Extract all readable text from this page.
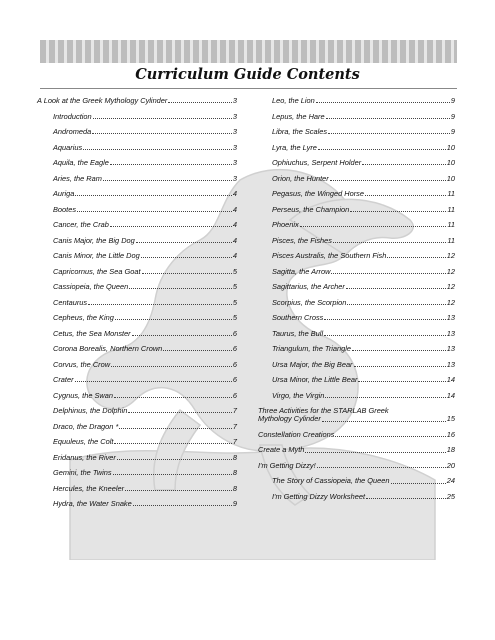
Curriculum Guide Contents
A Look at the Greek Mythology Cylinder	3
Introduction	3
Andromeda	3
Aquarius	3
Aquila, the Eagle	3
Aries, the Ram	3
Auriga	4
Bootes	4
Cancer, the Crab	4
Canis Major, the Big Dog	4
Canis Minor, the Little Dog	4
Capricornus, the Sea Goat	5
Cassiopeia, the Queen	5
Centaurus	5
Cepheus, the King	5
Cetus, the Sea Monster	6
Corona Borealis, Northern Crown	6
Corvus, the Crow	6
Crater	6
Cygnus, the Swan	6
Delphinus, the Dolphin	7
Draco, the Dragon *	7
Equuleus, the Colt	7
Eridanus, the River	8
Gemini, the Twins	8
Hercules, the Kneeler	8
Hydra, the Water Snake	9
Leo, the Lion	9
Lepus, the Hare	9
Libra, the Scales	9
Lyra, the Lyre	10
Ophiuchus, Serpent Holder	10
Orion, the Hunter	10
Pegasus, the Winged Horse	11
Perseus, the Champion	11
Phoenix	11
Pisces, the Fishes	11
Pisces Australis, the Southern Fish	12
Sagitta, the Arrow	12
Sagittarius, the Archer	12
Scorpius, the Scorpion	12
Southern Cross	13
Taurus, the Bull	13
Triangulum, the Triangle	13
Ursa Major, the Big Bear	13
Ursa Minor, the Little Bear	14
Virgo, the Virgin	14
Three Activities for the STARLAB Greek
Mythology Cylinder	15
Constellation Creations	16
Create a Myth	18
I'm Getting Dizzy!	20
The Story of Cassiopeia, the Queen	24
I'm Getting Dizzy Worksheet	25
